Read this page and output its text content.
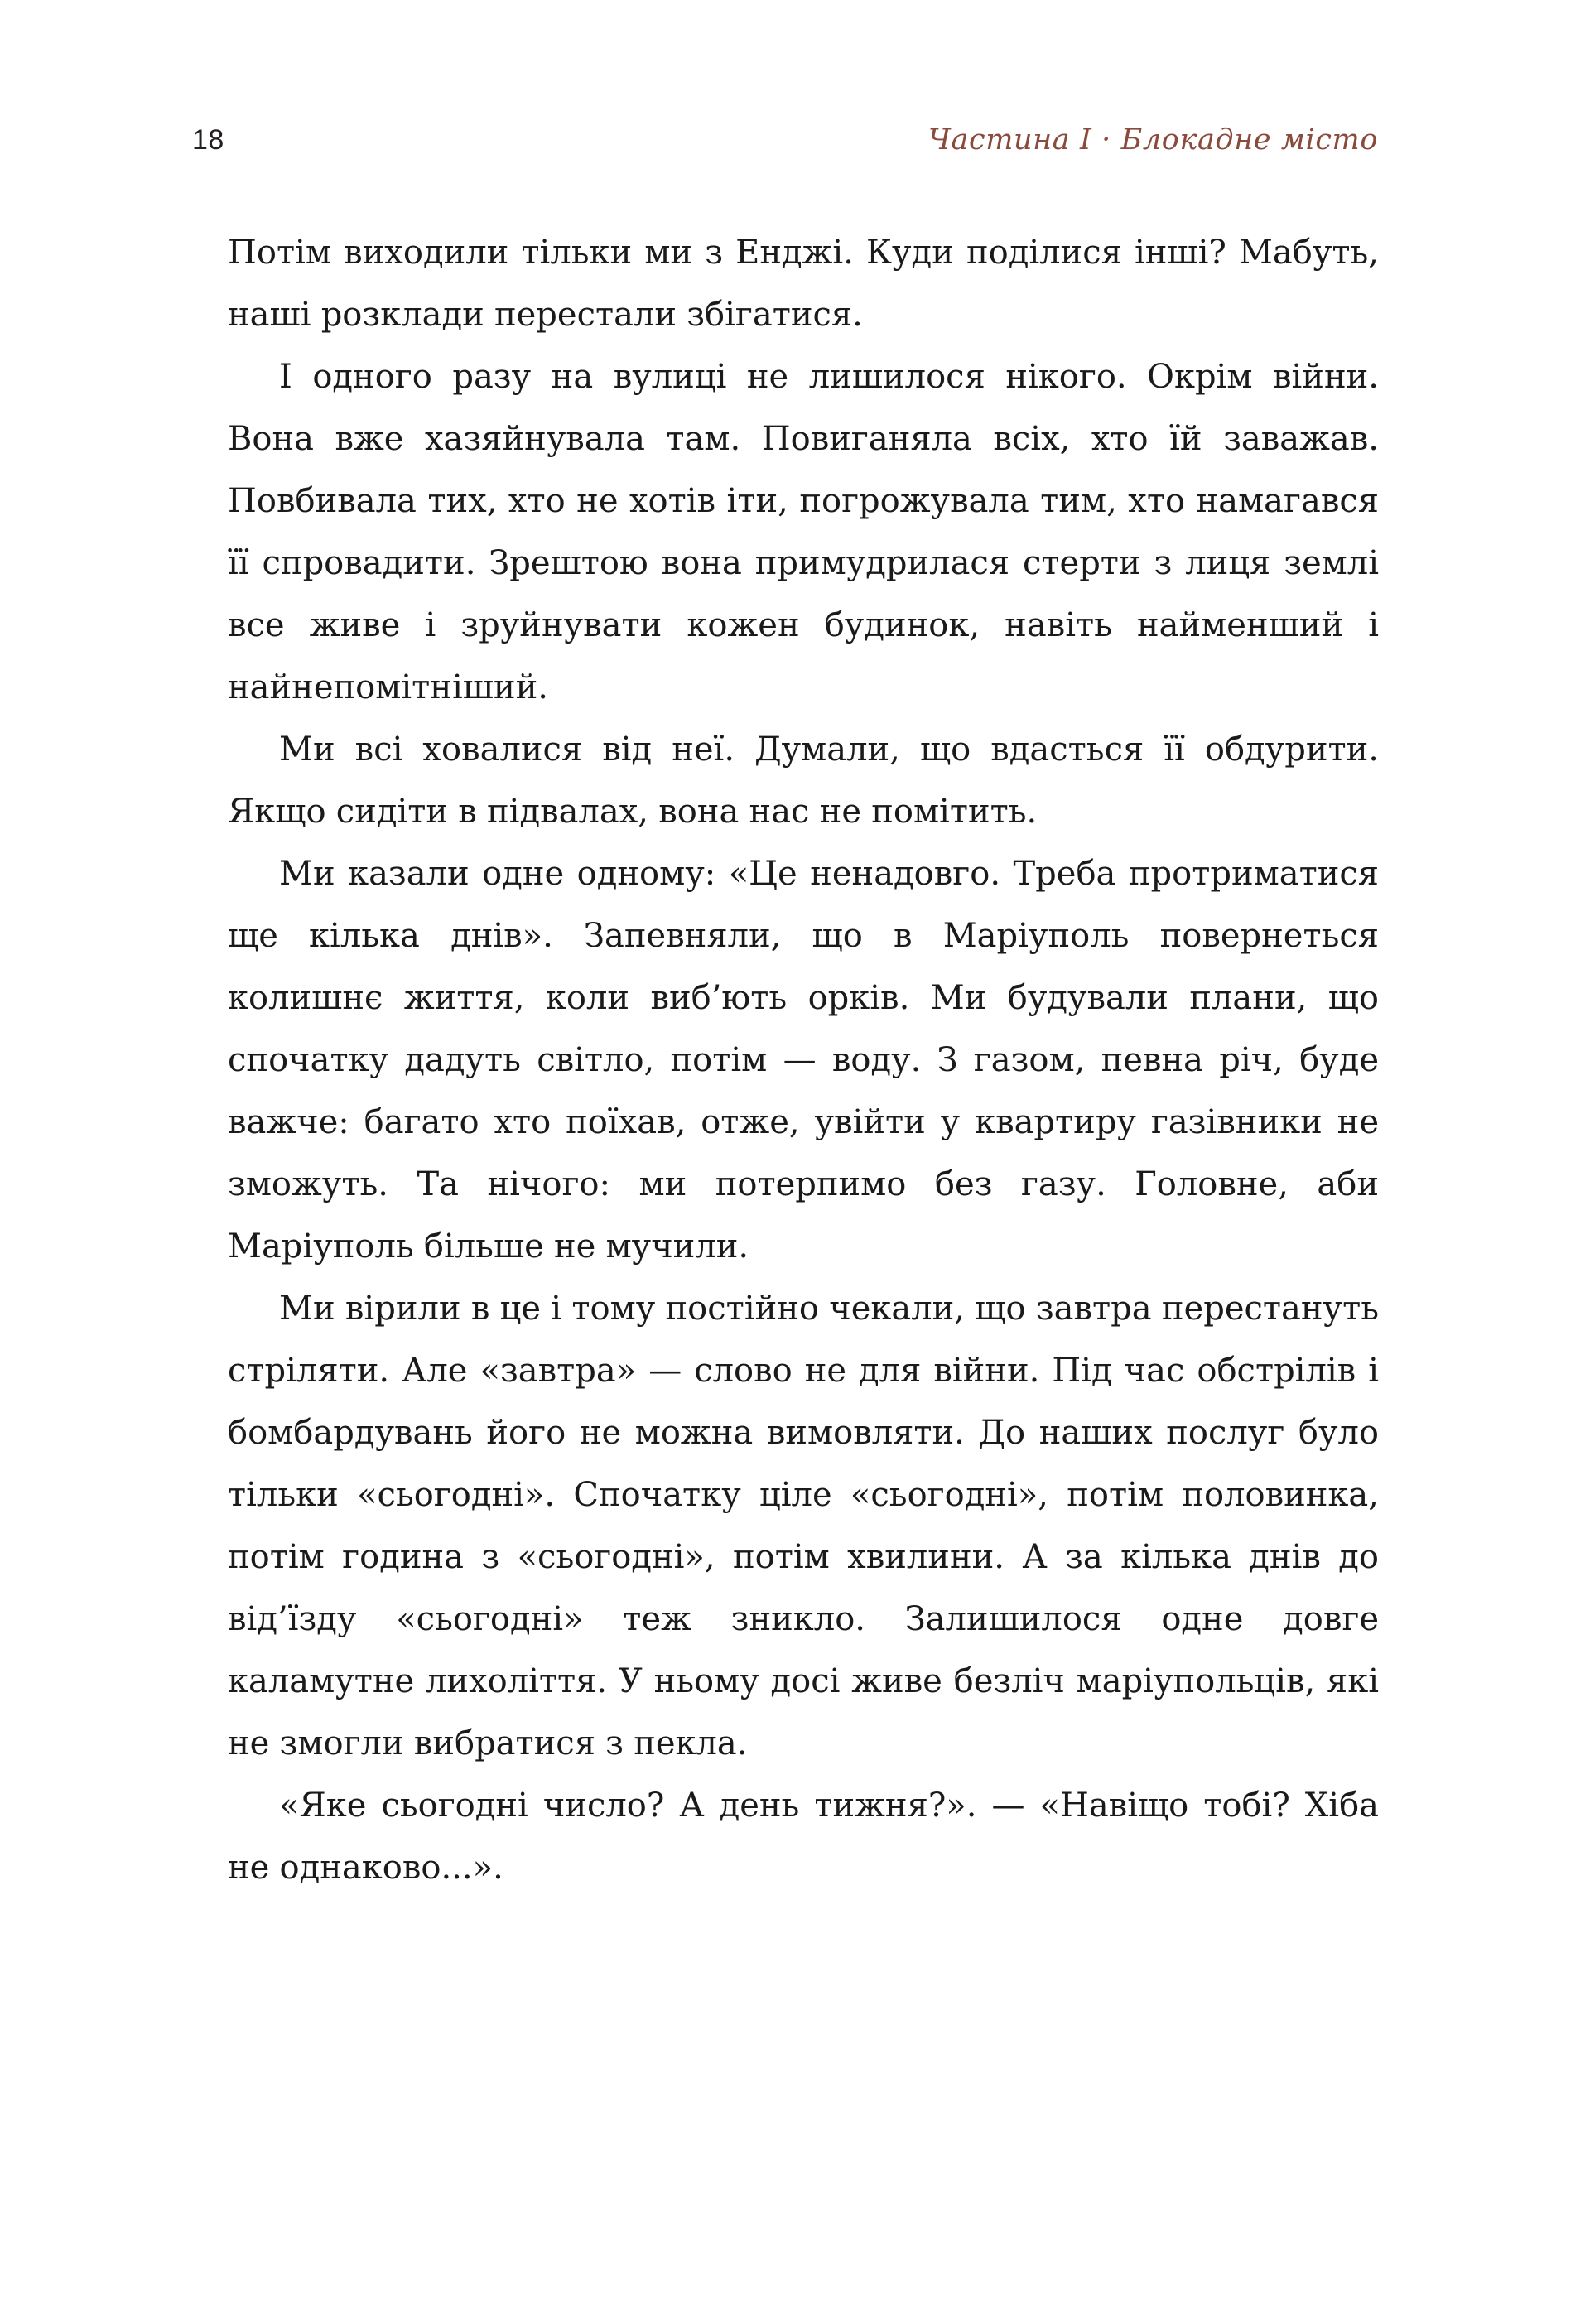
18	Частина I · Блокадне місто

Потім виходили тільки ми з Енджі. Куди поділися інші? Мабуть, наші розклади перестали збігатися.

І одного разу на вулиці не лишилося нікого. Окрім війни. Вона вже хазяйнувала там. Повиганяла всіх, хто їй заважав. Повбивала тих, хто не хотів іти, погрожувала тим, хто намагався її спровадити. Зрештою вона примудрилася стерти з лиця землі все живе і зруйнувати кожен будинок, навіть найменший і найнепомітніший.

Ми всі ховалися від неї. Думали, що вдасться її обдурити. Якщо сидіти в підвалах, вона нас не помітить.

Ми казали одне одному: «Це ненадовго. Треба протриматися ще кілька днів». Запевняли, що в Маріуполь повернеться колишнє життя, коли виб’ють орків. Ми будували плани, що спочатку дадуть світло, потім — воду. З газом, певна річ, буде важче: багато хто поїхав, отже, увійти у квартиру газівники не зможуть. Та нічого: ми потерпимо без газу. Головне, аби Маріуполь більше не мучили.

Ми вірили в це і тому постійно чекали, що завтра перестануть стріляти. Але «завтра» — слово не для війни. Під час обстрілів і бомбардувань його не можна вимовляти. До наших послуг було тільки «сьогодні». Спочатку ціле «сьогодні», потім половинка, потім година з «сьогодні», потім хвилини. А за кілька днів до від’їзду «сьогодні» теж зникло. Залишилося одне довге каламутне лихоліття. У ньому досі живе безліч маріупольців, які не змогли вибратися з пекла.

«Яке сьогодні число? А день тижня?». — «Навіщо тобі? Хіба не однаково...».
